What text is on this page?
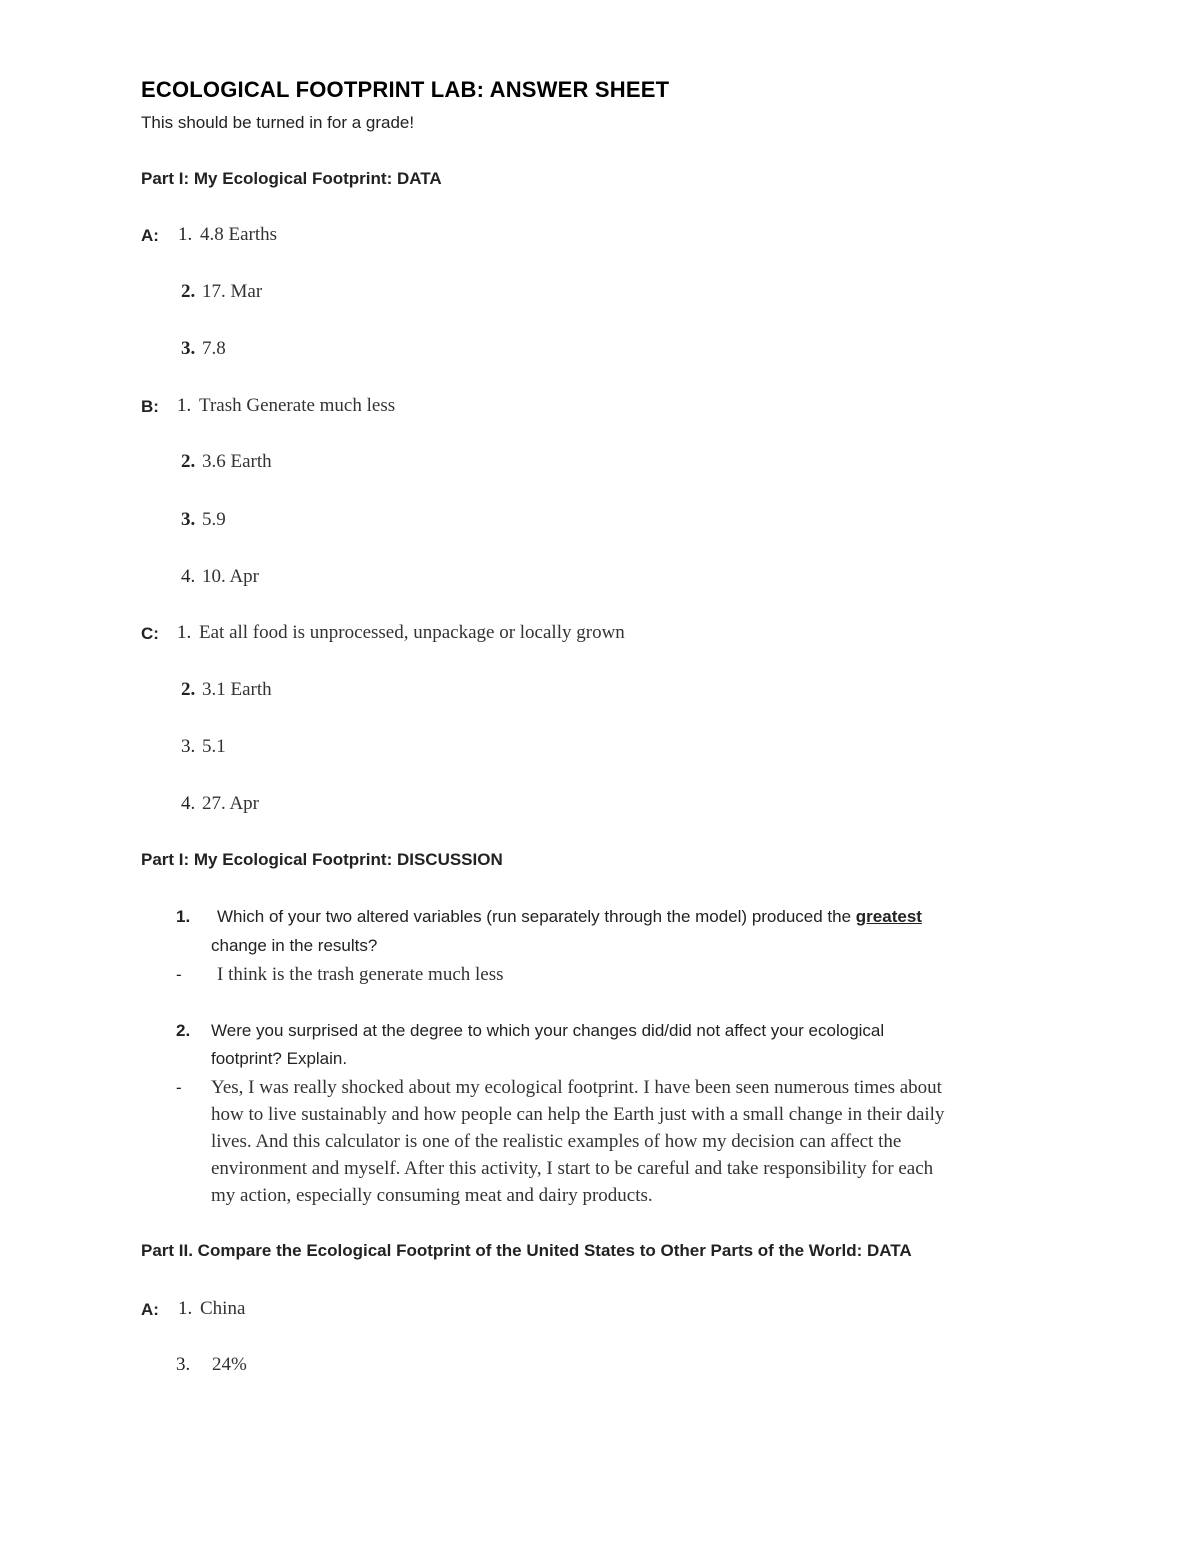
ECOLOGICAL FOOTPRINT LAB: ANSWER SHEET
This should be turned in for a grade!
Part I: My Ecological Footprint: DATA
A: 1. 4.8 Earths
2. 17. Mar
3. 7.8
B: 1. Trash Generate much less
2. 3.6 Earth
3. 5.9
4. 10. Apr
C: 1. Eat all food is unprocessed, unpackage or locally grown
2. 3.1 Earth
3. 5.1
4. 27. Apr
Part I: My Ecological Footprint: DISCUSSION
1. Which of your two altered variables (run separately through the model) produced the greatest
change in the results?
- I think is the trash generate much less
2. Were you surprised at the degree to which your changes did/did not affect your ecological
footprint? Explain.
- Yes, I was really shocked about my ecological footprint. I have been seen numerous times about
how to live sustainably and how people can help the Earth just with a small change in their daily
lives. And this calculator is one of the realistic examples of how my decision can affect the
environment and myself. After this activity, I start to be careful and take responsibility for each
my action, especially consuming meat and dairy products.
Part II. Compare the Ecological Footprint of the United States to Other Parts of the World: DATA
A: 1. China
3. 24%
